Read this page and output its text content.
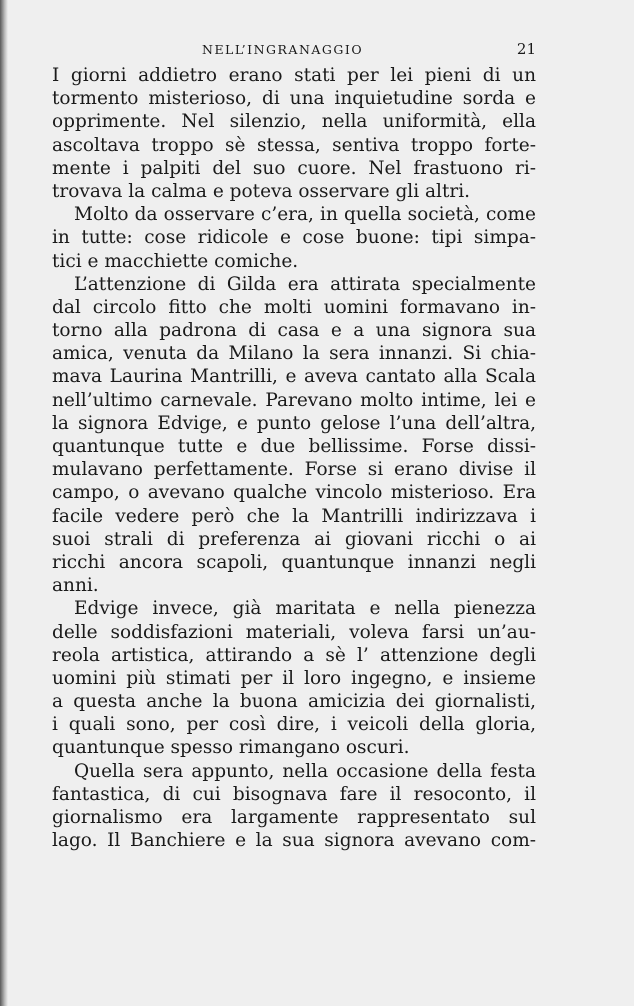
NELL’INGRANAGGIO	21
I giorni addietro erano stati per lei pieni di un
tormento misterioso, di una inquietudine sorda e
opprimente. Nel silenzio, nella uniformità, ella
ascoltava troppo sè stessa, sentiva troppo forte-
mente i palpiti del suo cuore. Nel frastuono ri-
trovava la calma e poteva osservare gli altri.
Molto da osservare c’era, in quella società, come
in tutte: cose ridicole e cose buone: tipi simpa-
tici e macchiette comiche.
L’attenzione di Gilda era attirata specialmente
dal circolo fitto che molti uomini formavano in-
torno alla padrona di casa e a una signora sua
amica, venuta da Milano la sera innanzi. Si chia-
mava Laurina Mantrilli, e aveva cantato alla Scala
nell’ultimo carnevale. Parevano molto intime, lei e
la signora Edvige, e punto gelose l’una dell’altra,
quantunque tutte e due bellissime. Forse dissi-
mulavano perfettamente. Forse si erano divise il
campo, o avevano qualche vincolo misterioso. Era
facile vedere però che la Mantrilli indirizzava i
suoi strali di preferenza ai giovani ricchi o ai
ricchi ancora scapoli, quantunque innanzi negli
anni.
Edvige invece, già maritata e nella pienezza
delle soddisfazioni materiali, voleva farsi un’au-
reola artistica, attirando a sè l’ attenzione degli
uomini più stimati per il loro ingegno, e insieme
a questa anche la buona amicizia dei giornalisti,
i quali sono, per così dire, i veicoli della gloria,
quantunque spesso rimangano oscuri.
Quella sera appunto, nella occasione della festa
fantastica, di cui bisognava fare il resoconto, il
giornalismo era largamente rappresentato sul
lago. Il Banchiere e la sua signora avevano com-
